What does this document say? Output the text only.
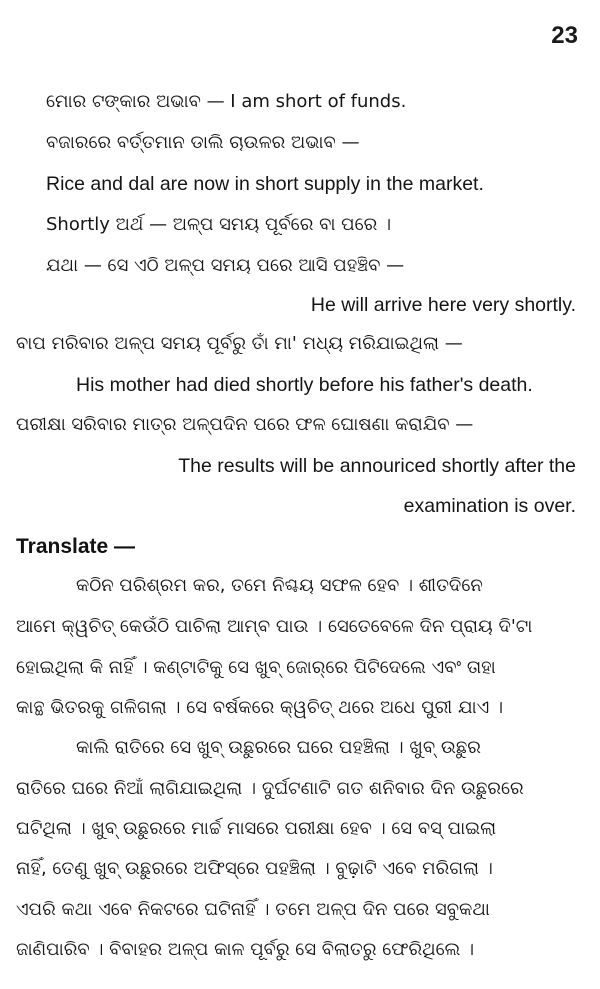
23
ମୋର ଟଙ୍କାର ଅଭାବ — I am short of funds.
ବଜାରରେ ବର୍ତ୍ତମାନ ଡାଲି ଚାଉଳର ଅଭାବ —
Rice and dal are now in short supply in the market.
Shortly ଅର୍ଥ — ଅଳ୍ପ ସମୟ ପୂର୍ବରେ ବା ପରେ ।
ଯଥା — ସେ ଏଠି ଅଳ୍ପ ସମୟ ପରେ ଆସି ପହଞ୍ଚିବ —
He will arrive here very shortly.
ବାପ ମରିବାର ଅଳ୍ପ ସମୟ ପୂର୍ବରୁ ତାଁ ମା' ମଧ୍ୟ ମରିଯାଇଥିଲା —
His mother had died shortly before his father's death.
ପରୀକ୍ଷା ସରିବାର ମାତ୍ର ଅଳ୍ପଦିନ ପରେ ଫଳ ଘୋଷଣା କରାଯିବ —
The results will be annouriced shortly after the
examination is over.
Translate —
କଠିନ ପରିଶ୍ରମ କର, ତମେ ନିଶ୍ଚୟ ସଫଳ ହେବ । ଶୀତଦିନେ
ଆମେ କ୍ୱଚିତ୍ କେଉଁଠି ପାଚିଲା ଆମ୍ବ ପାଉ । ସେତେବେଳେ ଦିନ ପ୍ରାୟ ଦି'ଟା
ହୋଇଥିଲା କି ନାହିଁ । କଣ୍ଟାଟିକୁ ସେ ଖୁବ୍ ଜୋର୍‌ରେ ପିଟିଦେଲେ ଏବଂ ତାହା
କାନ୍ଥ ଭିତରକୁ ଗଳିଗଲା । ସେ ବର୍ଷକରେ କ୍ୱଚିତ୍ ଥରେ ଅଧେ ପୁରୀ ଯାଏ ।
କାଲି ରାତିରେ ସେ ଖୁବ୍ ଉଛୁରରେ ଘରେ ପହଞ୍ଚିଲା । ଖୁବ୍ ଉଛୁର
ରାତିରେ ଘରେ ନିଆଁ ଲାଗିଯାଇଥିଲା । ଦୁର୍ଘଟଣାଟି ଗତ ଶନିବାର ଦିନ ଉଛୁରରେ
ଘଟିଥିଲା । ଖୁବ୍ ଉଛୁରରେ ମାର୍ଚ୍ଚ ମାସରେ ପରୀକ୍ଷା ହେବ । ସେ ବସ୍ ପାଇଲା
ନାହିଁ, ତେଣୁ ଖୁବ୍ ଉଛୁରରେ ଅଫିସ୍‌ରେ ପହଞ୍ଚିଲା । ବୁଢ଼ାଟି ଏବେ ମରିଗଲା ।
ଏପରି କଥା ଏବେ ନିକଟରେ ଘଟିନାହିଁ । ତମେ ଅଳ୍ପ ଦିନ ପରେ ସବୁକଥା
ଜାଣିପାରିବ । ବିବାହର ଅଳ୍ପ କାଳ ପୂର୍ବରୁ ସେ ବିଲାତରୁ ଫେରିଥିଲେ ।
